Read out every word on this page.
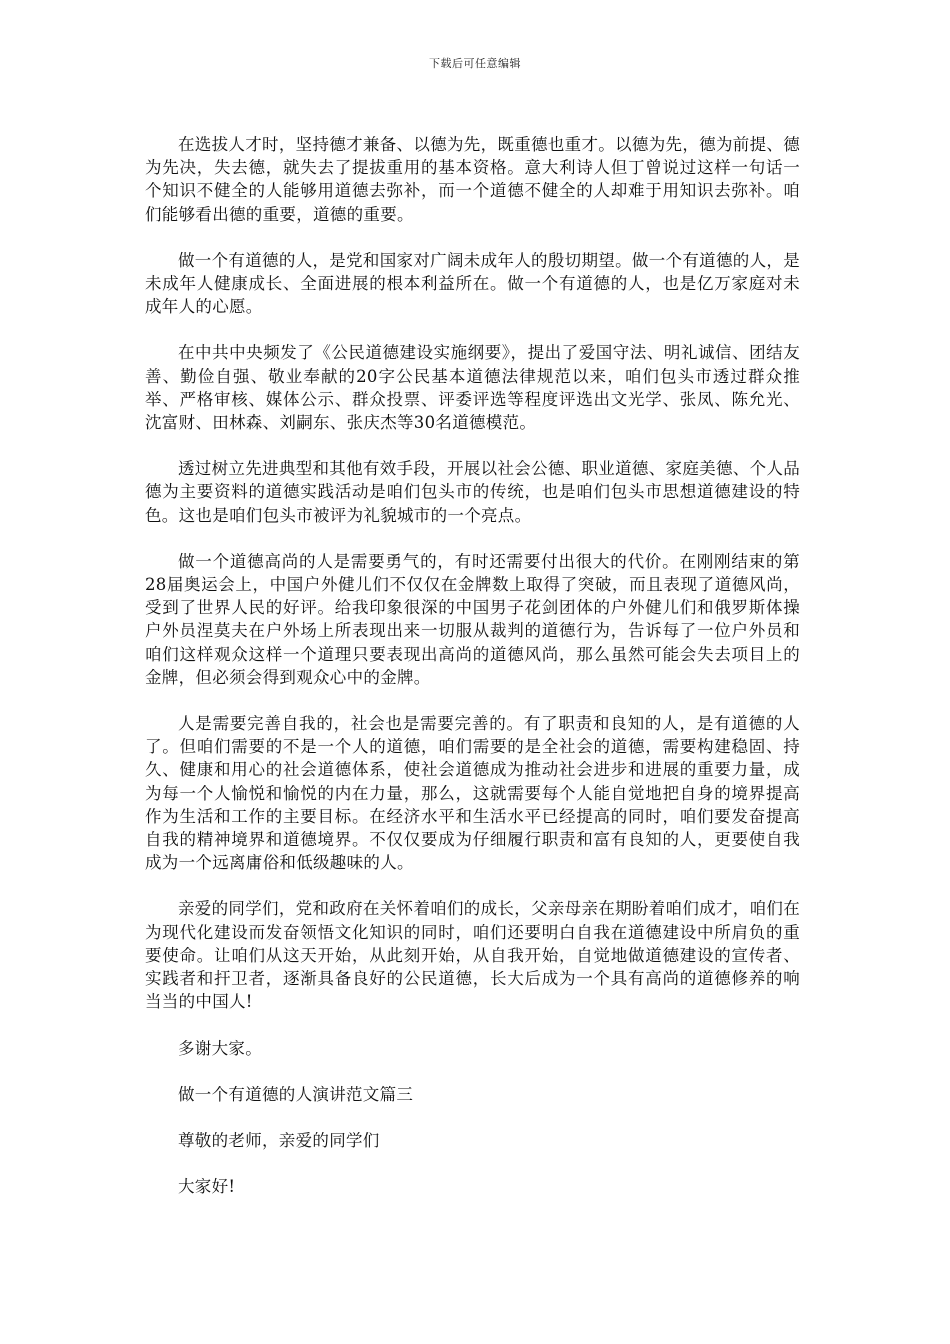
下载后可任意编辑

在选拔人才时，坚持德才兼备、以德为先，既重德也重才。以德为先，德为前提、德为先决，失去德，就失去了提拔重用的基本资格。意大利诗人但丁曾说过这样一句话一个知识不健全的人能够用道德去弥补，而一个道德不健全的人却难于用知识去弥补。咱们能够看出德的重要，道德的重要。

做一个有道德的人，是党和国家对广阔未成年人的殷切期望。做一个有道德的人，是未成年人健康成长、全面进展的根本利益所在。做一个有道德的人，也是亿万家庭对未成年人的心愿。

在中共中央频发了《公民道德建设实施纲要》，提出了爱国守法、明礼诚信、团结友善、勤俭自强、敬业奉献的20字公民基本道德法律规范以来，咱们包头市透过群众推举、严格审核、媒体公示、群众投票、评委评选等程度评选出文光学、张凤、陈允光、沈富财、田林森、刘嗣东、张庆杰等30名道德模范。

透过树立先进典型和其他有效手段，开展以社会公德、职业道德、家庭美德、个人品德为主要资料的道德实践活动是咱们包头市的传统，也是咱们包头市思想道德建设的特色。这也是咱们包头市被评为礼貌城市的一个亮点。

做一个道德高尚的人是需要勇气的，有时还需要付出很大的代价。在刚刚结束的第28届奥运会上，中国户外健儿们不仅仅在金牌数上取得了突破，而且表现了道德风尚，受到了世界人民的好评。给我印象很深的中国男子花剑团体的户外健儿们和俄罗斯体操户外员涅莫夫在户外场上所表现出来一切服从裁判的道德行为，告诉每了一位户外员和咱们这样观众这样一个道理只要表现出高尚的道德风尚，那么虽然可能会失去项目上的金牌，但必须会得到观众心中的金牌。

人是需要完善自我的，社会也是需要完善的。有了职责和良知的人，是有道德的人了。但咱们需要的不是一个人的道德，咱们需要的是全社会的道德，需要构建稳固、持久、健康和用心的社会道德体系，使社会道德成为推动社会进步和进展的重要力量，成为每一个人愉悦和愉悦的内在力量，那么，这就需要每个人能自觉地把自身的境界提高作为生活和工作的主要目标。在经济水平和生活水平已经提高的同时，咱们要发奋提高自我的精神境界和道德境界。不仅仅要成为仔细履行职责和富有良知的人，更要使自我成为一个远离庸俗和低级趣味的人。

亲爱的同学们，党和政府在关怀着咱们的成长，父亲母亲在期盼着咱们成才，咱们在为现代化建设而发奋领悟文化知识的同时，咱们还要明白自我在道德建设中所肩负的重要使命。让咱们从这天开始，从此刻开始，从自我开始，自觉地做道德建设的宣传者、实践者和扞卫者，逐渐具备良好的公民道德，长大后成为一个具有高尚的道德修养的响当当的中国人!

多谢大家。

做一个有道德的人演讲范文篇三

尊敬的老师，亲爱的同学们

大家好!
